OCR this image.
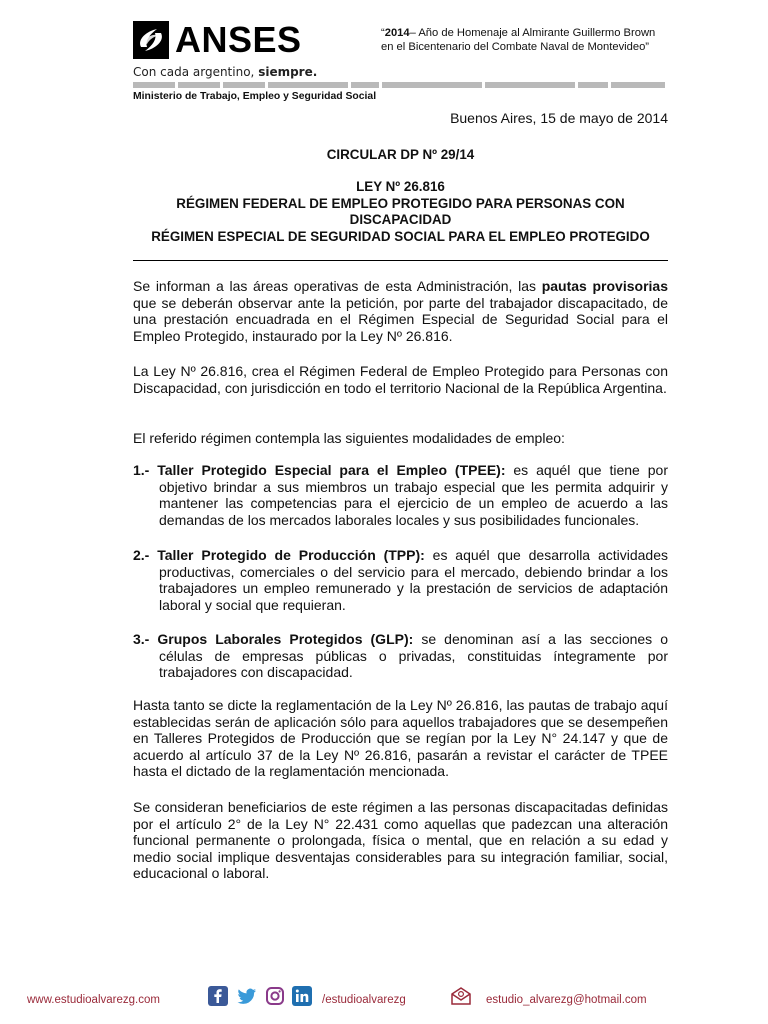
ANSES
Con cada argentino, siempre.
“2014– Año de Homenaje al Almirante Guillermo Brown
en el Bicentenario del Combate Naval de Montevideo”
Ministerio de Trabajo, Empleo y Seguridad Social
Buenos Aires, 15 de mayo de 2014
CIRCULAR DP Nº 29/14
LEY Nº 26.816
RÉGIMEN FEDERAL DE EMPLEO PROTEGIDO PARA PERSONAS CON
DISCAPACIDAD
RÉGIMEN ESPECIAL DE SEGURIDAD SOCIAL PARA EL EMPLEO PROTEGIDO
Se informan a las áreas operativas de esta Administración, las pautas provisorias que se deberán observar ante la petición, por parte del trabajador discapacitado, de una prestación encuadrada en el Régimen Especial de Seguridad Social para el Empleo Protegido, instaurado por la Ley Nº 26.816.
La Ley Nº 26.816, crea el Régimen Federal de Empleo Protegido para Personas con Discapacidad, con jurisdicción en todo el territorio Nacional de la República Argentina.
El referido régimen contempla las siguientes modalidades de empleo:
1.- Taller Protegido Especial para el Empleo (TPEE): es aquél que tiene por objetivo brindar a sus miembros un trabajo especial que les permita adquirir y mantener las competencias para el ejercicio de un empleo de acuerdo a las demandas de los mercados laborales locales y sus posibilidades funcionales.
2.- Taller Protegido de Producción (TPP): es aquél que desarrolla actividades productivas, comerciales o del servicio para el mercado, debiendo brindar a los trabajadores un empleo remunerado y la prestación de servicios de adaptación laboral y social que requieran.
3.- Grupos Laborales Protegidos (GLP): se denominan así a las secciones o células de empresas públicas o privadas, constituidas íntegramente por trabajadores con discapacidad.
Hasta tanto se dicte la reglamentación de la Ley Nº 26.816, las pautas de trabajo aquí establecidas serán de aplicación sólo para aquellos trabajadores que se desempeñen en Talleres Protegidos de Producción que se regían por la Ley N° 24.147 y que de acuerdo al artículo 37 de la Ley Nº 26.816, pasarán a revistar el carácter de TPEE hasta el dictado de la reglamentación mencionada.
Se consideran beneficiarios de este régimen a las personas discapacitadas definidas por el artículo 2° de la Ley N° 22.431 como aquellas que padezcan una alteración funcional permanente o prolongada, física o mental, que en relación a su edad y medio social implique desventajas considerables para su integración familiar, social, educacional o laboral.
www.estudioalvarezg.com	/estudioalvarezg	estudio_alvarezg@hotmail.com
